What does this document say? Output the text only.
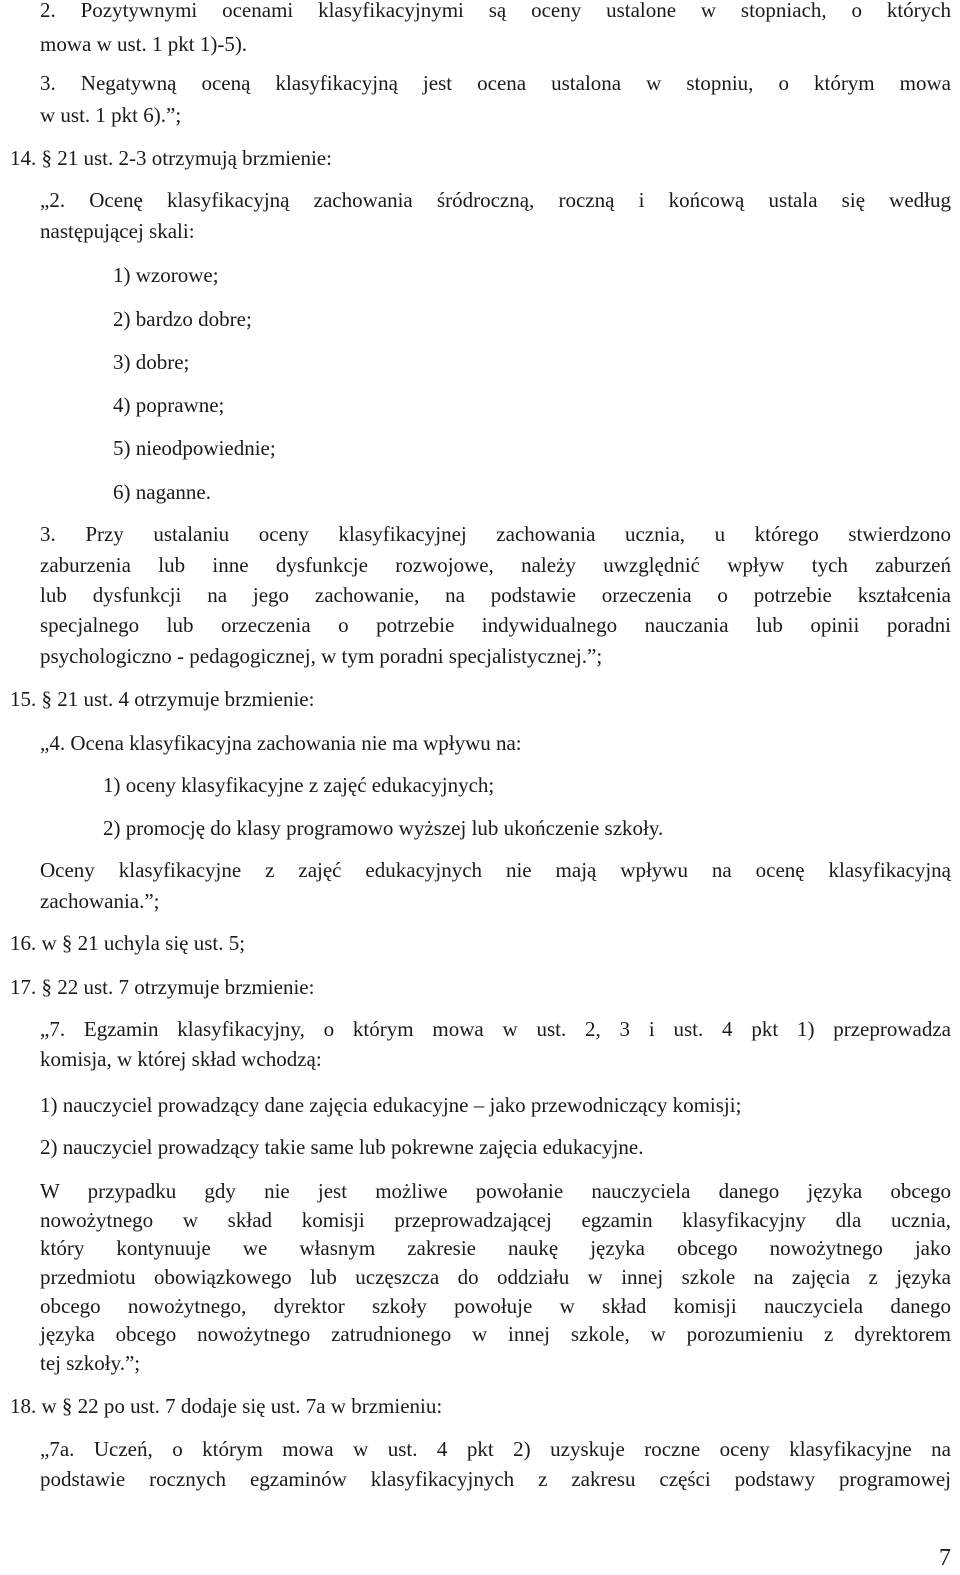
2. Pozytywnymi ocenami klasyfikacyjnymi są oceny ustalone w stopniach, o których
mowa w ust. 1 pkt 1)-5).
3. Negatywną oceną klasyfikacyjną jest ocena ustalona w stopniu, o którym mowa
w ust. 1 pkt 6).”;
14. § 21 ust. 2-3 otrzymują brzmienie:
„2. Ocenę klasyfikacyjną zachowania śródroczną, roczną i końcową ustala się według
następującej skali:
1) wzorowe;
2) bardzo dobre;
3) dobre;
4) poprawne;
5) nieodpowiednie;
6) naganne.
3. Przy ustalaniu oceny klasyfikacyjnej zachowania ucznia, u którego stwierdzono
zaburzenia lub inne dysfunkcje rozwojowe, należy uwzględnić wpływ tych zaburzeń
lub dysfunkcji na jego zachowanie, na podstawie orzeczenia o potrzebie kształcenia
specjalnego lub orzeczenia o potrzebie indywidualnego nauczania lub opinii poradni
psychologiczno - pedagogicznej, w tym poradni specjalistycznej.”;
15. § 21 ust. 4 otrzymuje brzmienie:
„4. Ocena klasyfikacyjna zachowania nie ma wpływu na:
1) oceny klasyfikacyjne z zajęć edukacyjnych;
2) promocję do klasy programowo wyższej lub ukończenie szkoły.
Oceny klasyfikacyjne z zajęć edukacyjnych nie mają wpływu na ocenę klasyfikacyjną
zachowania.”;
16. w § 21 uchyla się ust. 5;
17. § 22 ust. 7 otrzymuje brzmienie:
„7. Egzamin klasyfikacyjny, o którym mowa w ust. 2, 3 i ust. 4 pkt 1) przeprowadza
komisja, w której skład wchodzą:
1) nauczyciel prowadzący dane zajęcia edukacyjne – jako przewodniczący komisji;
2) nauczyciel prowadzący takie same lub pokrewne zajęcia edukacyjne.
W przypadku gdy nie jest możliwe powołanie nauczyciela danego języka obcego
nowożytnego w skład komisji przeprowadzającej egzamin klasyfikacyjny dla ucznia,
który kontynuuje we własnym zakresie naukę języka obcego nowożytnego jako
przedmiotu obowiązkowego lub uczęszcza do oddziału w innej szkole na zajęcia z języka
obcego nowożytnego, dyrektor szkoły powołuje w skład komisji nauczyciela danego
języka obcego nowożytnego zatrudnionego w innej szkole, w porozumieniu z dyrektorem
tej szkoły.”;
18. w § 22 po ust. 7 dodaje się ust. 7a w brzmieniu:
„7a. Uczeń, o którym mowa w ust. 4 pkt 2) uzyskuje roczne oceny klasyfikacyjne na
podstawie rocznych egzaminów klasyfikacyjnych z zakresu części podstawy programowej
7
